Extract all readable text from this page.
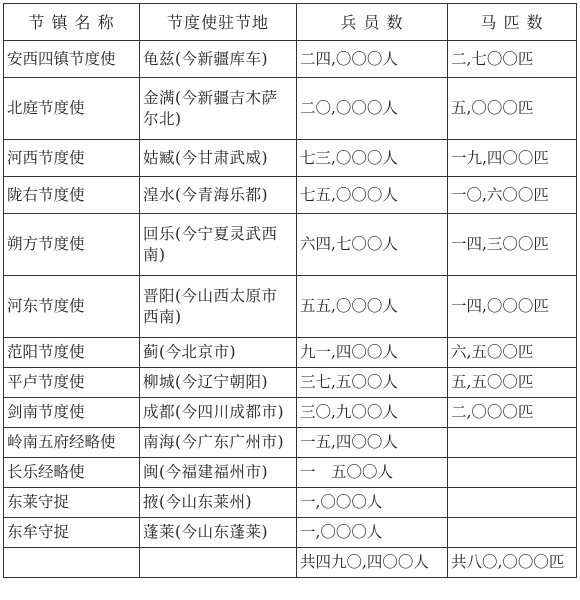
节 镇 名 称	节度使驻节地	兵 员 数	马 匹 数
安西四镇节度使	龟兹(今新疆库车)	二四,〇〇〇人	二,七〇〇匹
北庭节度使	金满(今新疆吉木萨尔北)	二〇,〇〇〇人	五,〇〇〇匹
河西节度使	姑臧(今甘肃武威)	七三,〇〇〇人	一九,四〇〇匹
陇右节度使	湟水(今青海乐都)	七五,〇〇〇人	一〇,六〇〇匹
朔方节度使	回乐(今宁夏灵武西南)	六四,七〇〇人	一四,三〇〇匹
河东节度使	晋阳(今山西太原市西南)	五五,〇〇〇人	一四,〇〇〇匹
范阳节度使	蓟(今北京市)	九一,四〇〇人	六,五〇〇匹
平卢节度使	柳城(今辽宁朝阳)	三七,五〇〇人	五,五〇〇匹
剑南节度使	成都(今四川成都市)	三〇,九〇〇人	二,〇〇〇匹
岭南五府经略使	南海(今广东广州市)	一五,四〇〇人	
长乐经略使	闽(今福建福州市)	一　五〇〇人	
东莱守捉	掖(今山东莱州)	一,〇〇〇人	
东牟守捉	蓬莱(今山东蓬莱)	一,〇〇〇人	
		共四九〇,四〇〇人	共八〇,〇〇〇匹
